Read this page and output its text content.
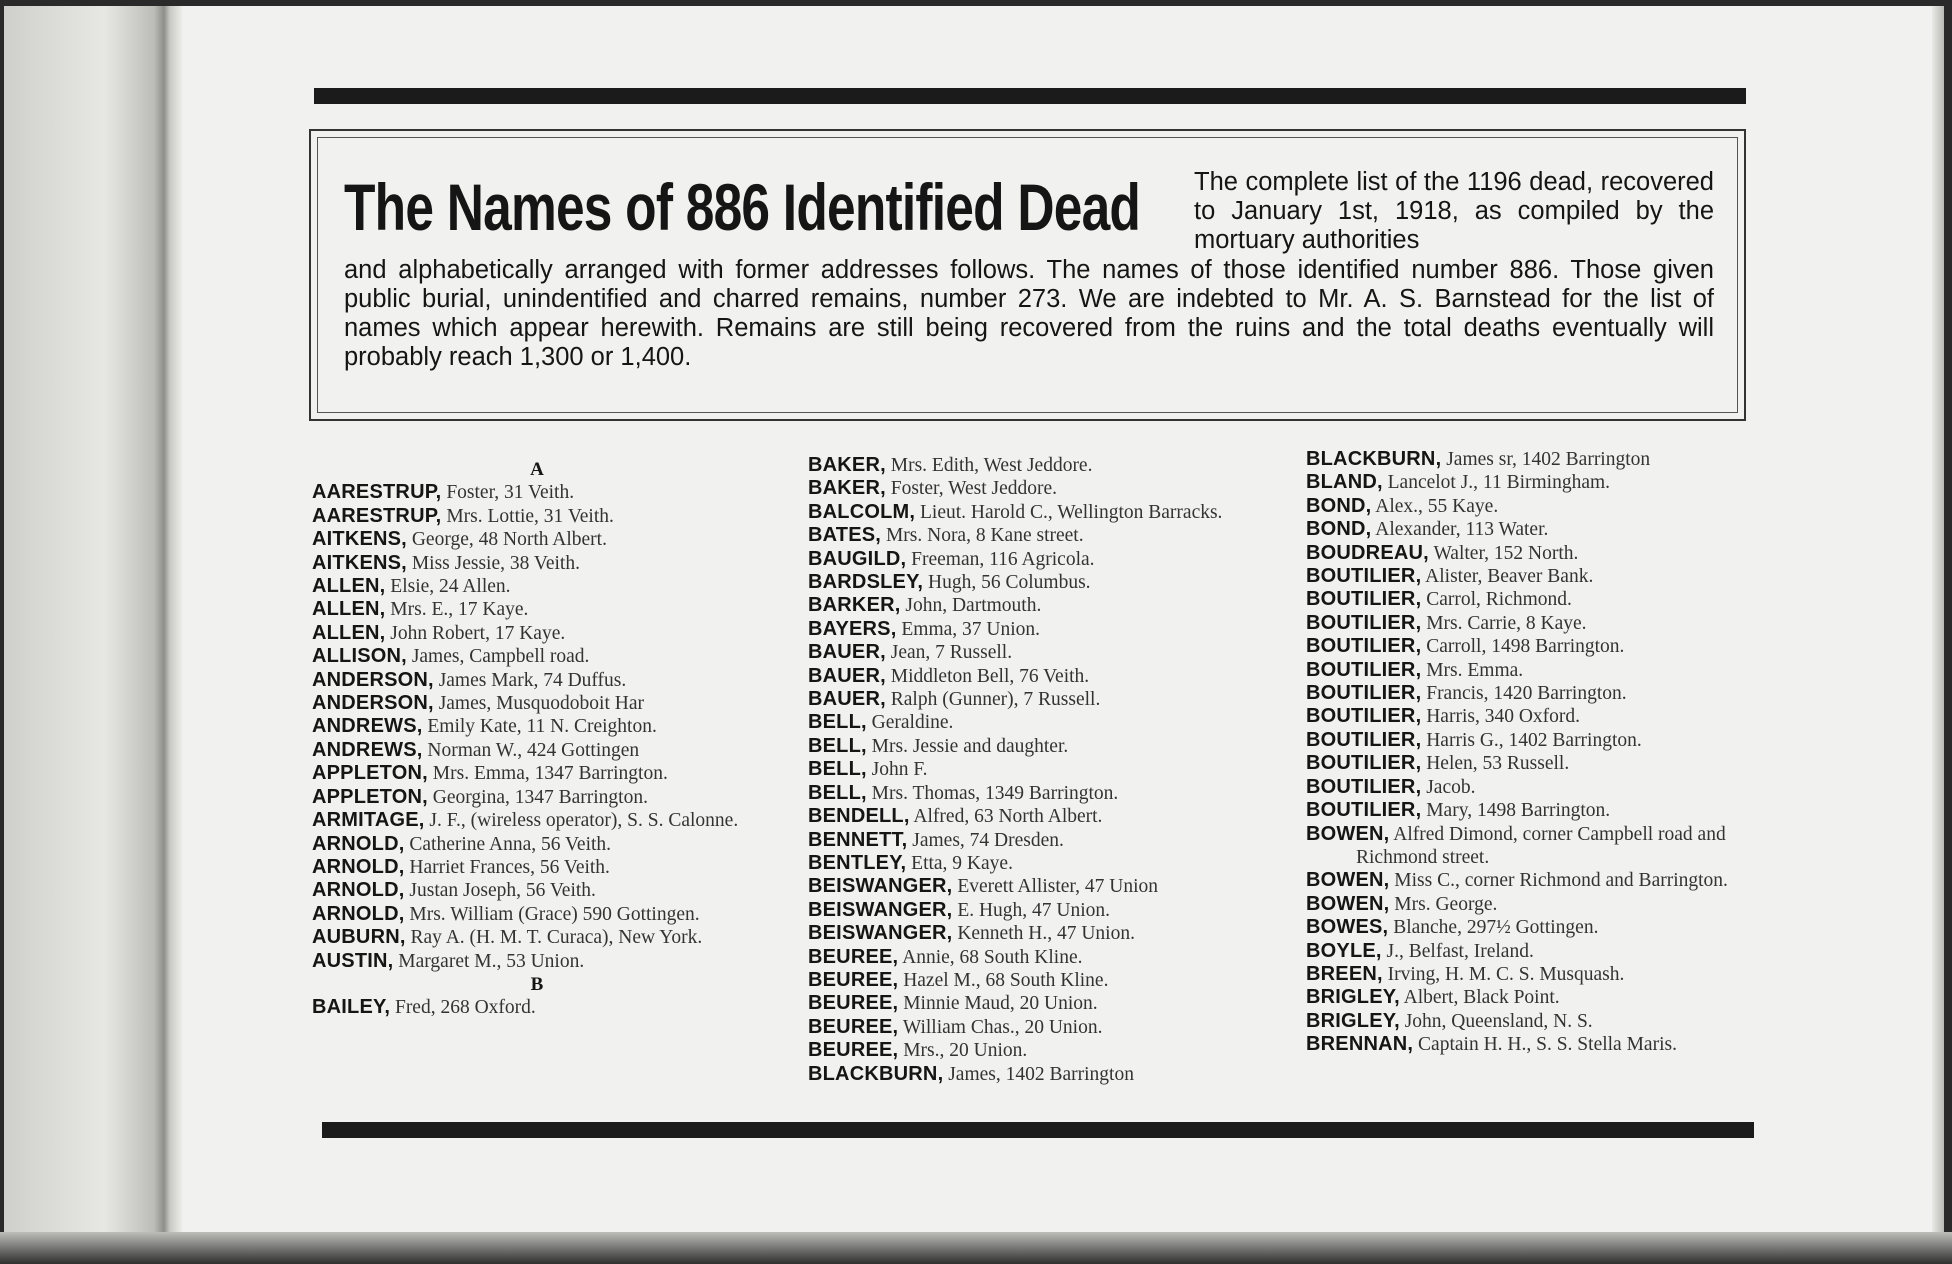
The Names of 886 Identified Dead The complete list of the 1196 dead, recovered to January 1st, 1918, as compiled by the mortuary authorities
and alphabetically arranged with former addresses follows. The names of those identified number 886. Those given public burial, unindentified and charred remains, number 273. We are indebted to Mr. A. S. Barnstead for the list of names which appear herewith. Remains are still being recovered from the ruins and the total deaths eventually will probably reach 1,300 or 1,400.

A

AARESTRUP, Foster, 31 Veith.

AARESTRUP, Mrs. Lottie, 31 Veith.

AITKENS, George, 48 North Albert.

AITKENS, Miss Jessie, 38 Veith.

ALLEN, Elsie, 24 Allen.

ALLEN, Mrs. E., 17 Kaye.

ALLEN, John Robert, 17 Kaye.

ALLISON, James, Campbell road.

ANDERSON, James Mark, 74 Duffus.

ANDERSON, James, Musquodoboit Har

ANDREWS, Emily Kate, 11 N. Creighton.

ANDREWS, Norman W., 424 Gottingen

APPLETON, Mrs. Emma, 1347 Barrington.

APPLETON, Georgina, 1347 Barrington.

ARMITAGE, J. F., (wireless operator), S. S. Calonne.

ARNOLD, Catherine Anna, 56 Veith.

ARNOLD, Harriet Frances, 56 Veith.

ARNOLD, Justan Joseph, 56 Veith.

ARNOLD, Mrs. William (Grace) 590 Gottingen.

AUBURN, Ray A. (H. M. T. Curaca), New York.

AUSTIN, Margaret M., 53 Union.

B

BAILEY, Fred, 268 Oxford.

BAKER, Mrs. Edith, West Jeddore.

BAKER, Foster, West Jeddore.

BALCOLM, Lieut. Harold C., Wellington Barracks.

BATES, Mrs. Nora, 8 Kane street.

BAUGILD, Freeman, 116 Agricola.

BARDSLEY, Hugh, 56 Columbus.

BARKER, John, Dartmouth.

BAYERS, Emma, 37 Union.

BAUER, Jean, 7 Russell.

BAUER, Middleton Bell, 76 Veith.

BAUER, Ralph (Gunner), 7 Russell.

BELL, Geraldine.

BELL, Mrs. Jessie and daughter.

BELL, John F.

BELL, Mrs. Thomas, 1349 Barrington.

BENDELL, Alfred, 63 North Albert.

BENNETT, James, 74 Dresden.

BENTLEY, Etta, 9 Kaye.

BEISWANGER, Everett Allister, 47 Union

BEISWANGER, E. Hugh, 47 Union.

BEISWANGER, Kenneth H., 47 Union.

BEUREE, Annie, 68 South Kline.

BEUREE, Hazel M., 68 South Kline.

BEUREE, Minnie Maud, 20 Union.

BEUREE, William Chas., 20 Union.

BEUREE, Mrs., 20 Union.

BLACKBURN, James, 1402 Barrington

BLACKBURN, James sr, 1402 Barrington

BLAND, Lancelot J., 11 Birmingham.

BOND, Alex., 55 Kaye.

BOND, Alexander, 113 Water.

BOUDREAU, Walter, 152 North.

BOUTILIER, Alister, Beaver Bank.

BOUTILIER, Carrol, Richmond.

BOUTILIER, Mrs. Carrie, 8 Kaye.

BOUTILIER, Carroll, 1498 Barrington.

BOUTILIER, Mrs. Emma.

BOUTILIER, Francis, 1420 Barrington.

BOUTILIER, Harris, 340 Oxford.

BOUTILIER, Harris G., 1402 Barrington.

BOUTILIER, Helen, 53 Russell.

BOUTILIER, Jacob.

BOUTILIER, Mary, 1498 Barrington.

BOWEN, Alfred Dimond, corner Campbell road and Richmond street.

BOWEN, Miss C., corner Richmond and Barrington.

BOWEN, Mrs. George.

BOWES, Blanche, 297½ Gottingen.

BOYLE, J., Belfast, Ireland.

BREEN, Irving, H. M. C. S. Musquash.

BRIGLEY, Albert, Black Point.

BRIGLEY, John, Queensland, N. S.

BRENNAN, Captain H. H., S. S. Stella Maris.
